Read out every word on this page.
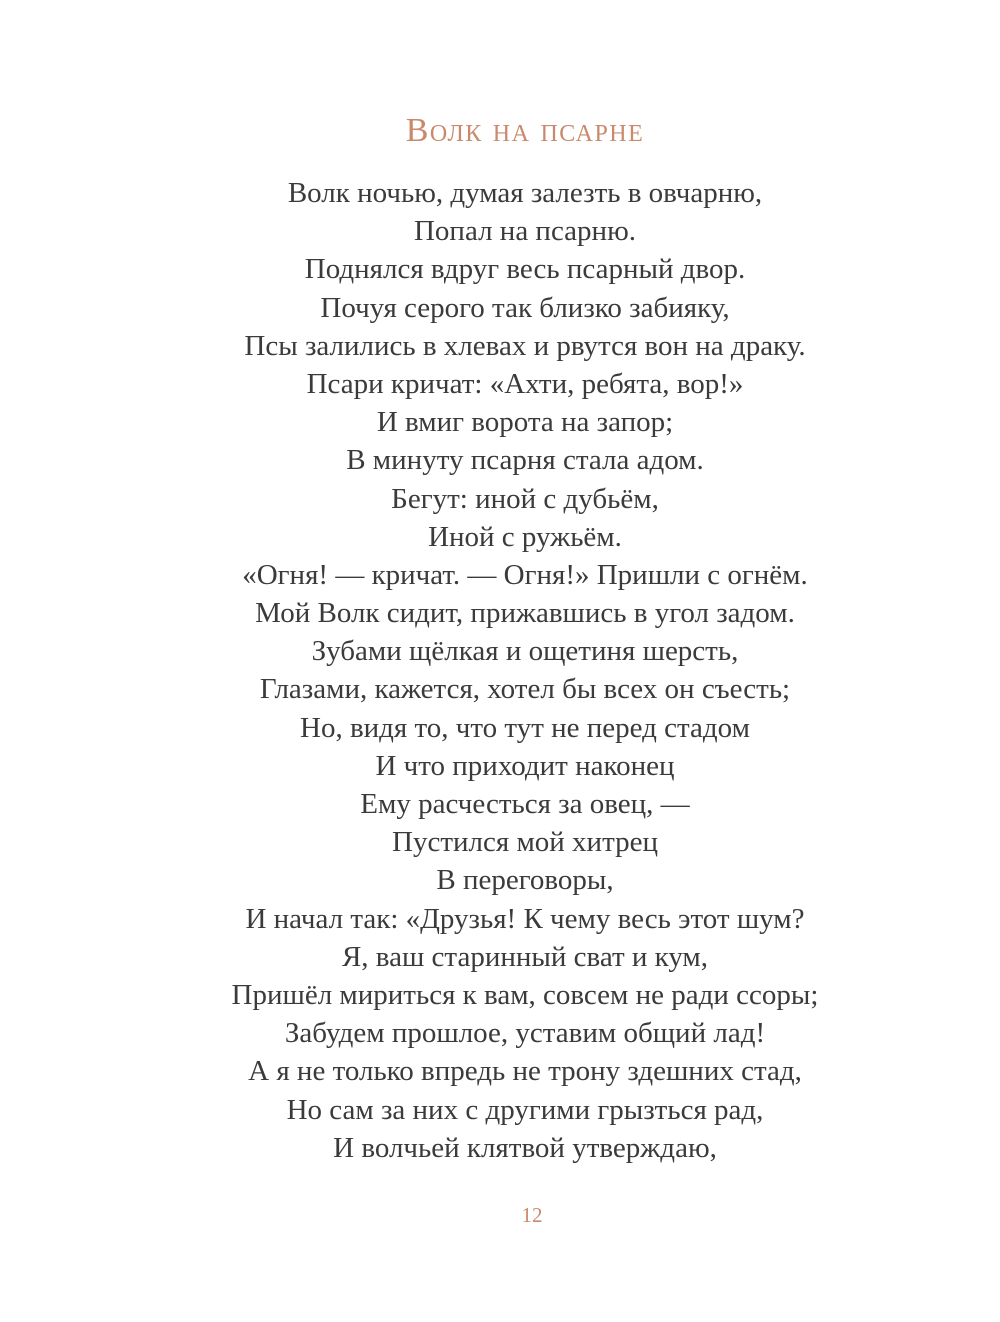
Волк на псарне
Волк ночью, думая залезть в овчарню,
Попал на псарню.
Поднялся вдруг весь псарный двор.
Почуя серого так близко забияку,
Псы залились в хлевах и рвутся вон на драку.
Псари кричат: «Ахти, ребята, вор!»
И вмиг ворота на запор;
В минуту псарня стала адом.
Бегут: иной с дубьём,
Иной с ружьём.
«Огня! — кричат. — Огня!» Пришли с огнём.
Мой Волк сидит, прижавшись в угол задом.
Зубами щёлкая и ощетиня шерсть,
Глазами, кажется, хотел бы всех он съесть;
Но, видя то, что тут не перед стадом
И что приходит наконец
Ему расчесться за овец, —
Пустился мой хитрец
В переговоры,
И начал так: «Друзья! К чему весь этот шум?
Я, ваш старинный сват и кум,
Пришёл мириться к вам, совсем не ради ссоры;
Забудем прошлое, уставим общий лад!
А я не только впредь не трону здешних стад,
Но сам за них с другими грызться рад,
И волчьей клятвой утверждаю,
12
